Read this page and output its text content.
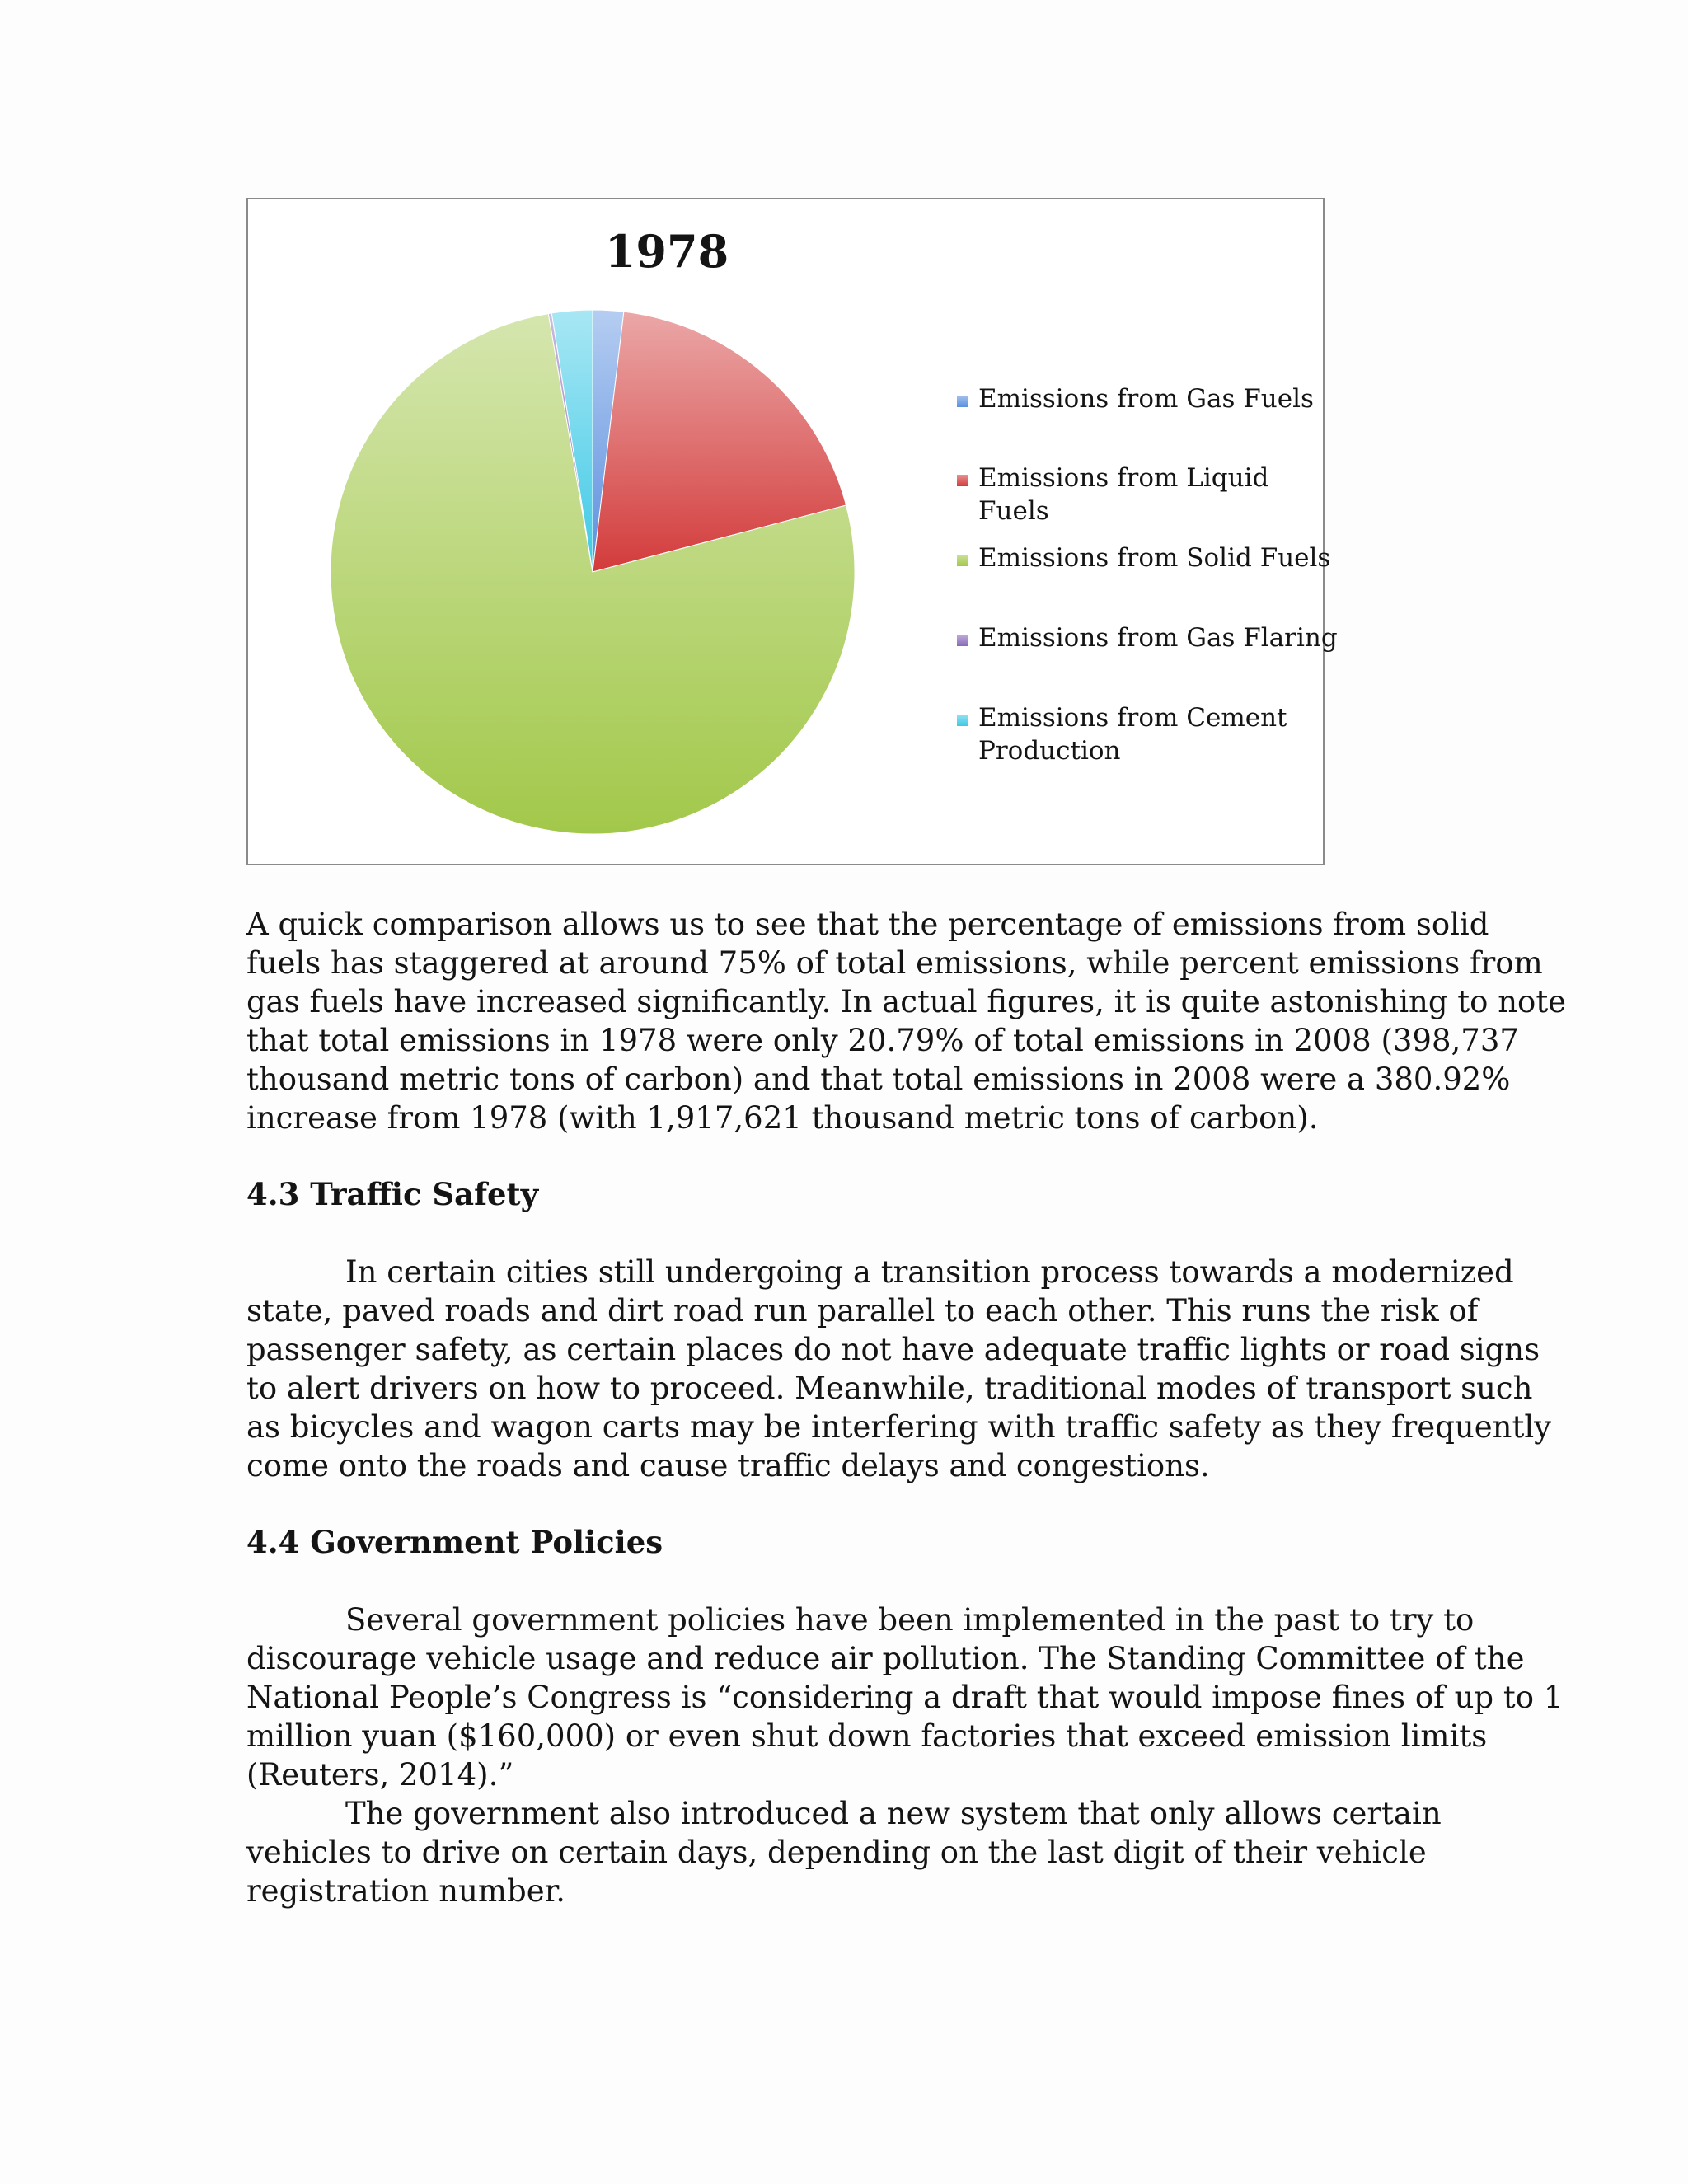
1978
Emissions from Gas Fuels
Emissions from Liquid
Fuels
Emissions from Solid Fuels
Emissions from Gas Flaring
Emissions from Cement
Production
A quick comparison allows us to see that the percentage of emissions from solid
fuels has staggered at around 75% of total emissions, while percent emissions from
gas fuels have increased significantly. In actual figures, it is quite astonishing to note
that total emissions in 1978 were only 20.79% of total emissions in 2008 (398,737
thousand metric tons of carbon) and that total emissions in 2008 were a 380.92%
increase from 1978 (with 1,917,621 thousand metric tons of carbon).
4.3 Traffic Safety
In certain cities still undergoing a transition process towards a modernized
state, paved roads and dirt road run parallel to each other. This runs the risk of
passenger safety, as certain places do not have adequate traffic lights or road signs
to alert drivers on how to proceed. Meanwhile, traditional modes of transport such
as bicycles and wagon carts may be interfering with traffic safety as they frequently
come onto the roads and cause traffic delays and congestions.
4.4 Government Policies
Several government policies have been implemented in the past to try to
discourage vehicle usage and reduce air pollution. The Standing Committee of the
National People’s Congress is “considering a draft that would impose fines of up to 1
million yuan ($160,000) or even shut down factories that exceed emission limits
(Reuters, 2014).”
The government also introduced a new system that only allows certain
vehicles to drive on certain days, depending on the last digit of their vehicle
registration number.
